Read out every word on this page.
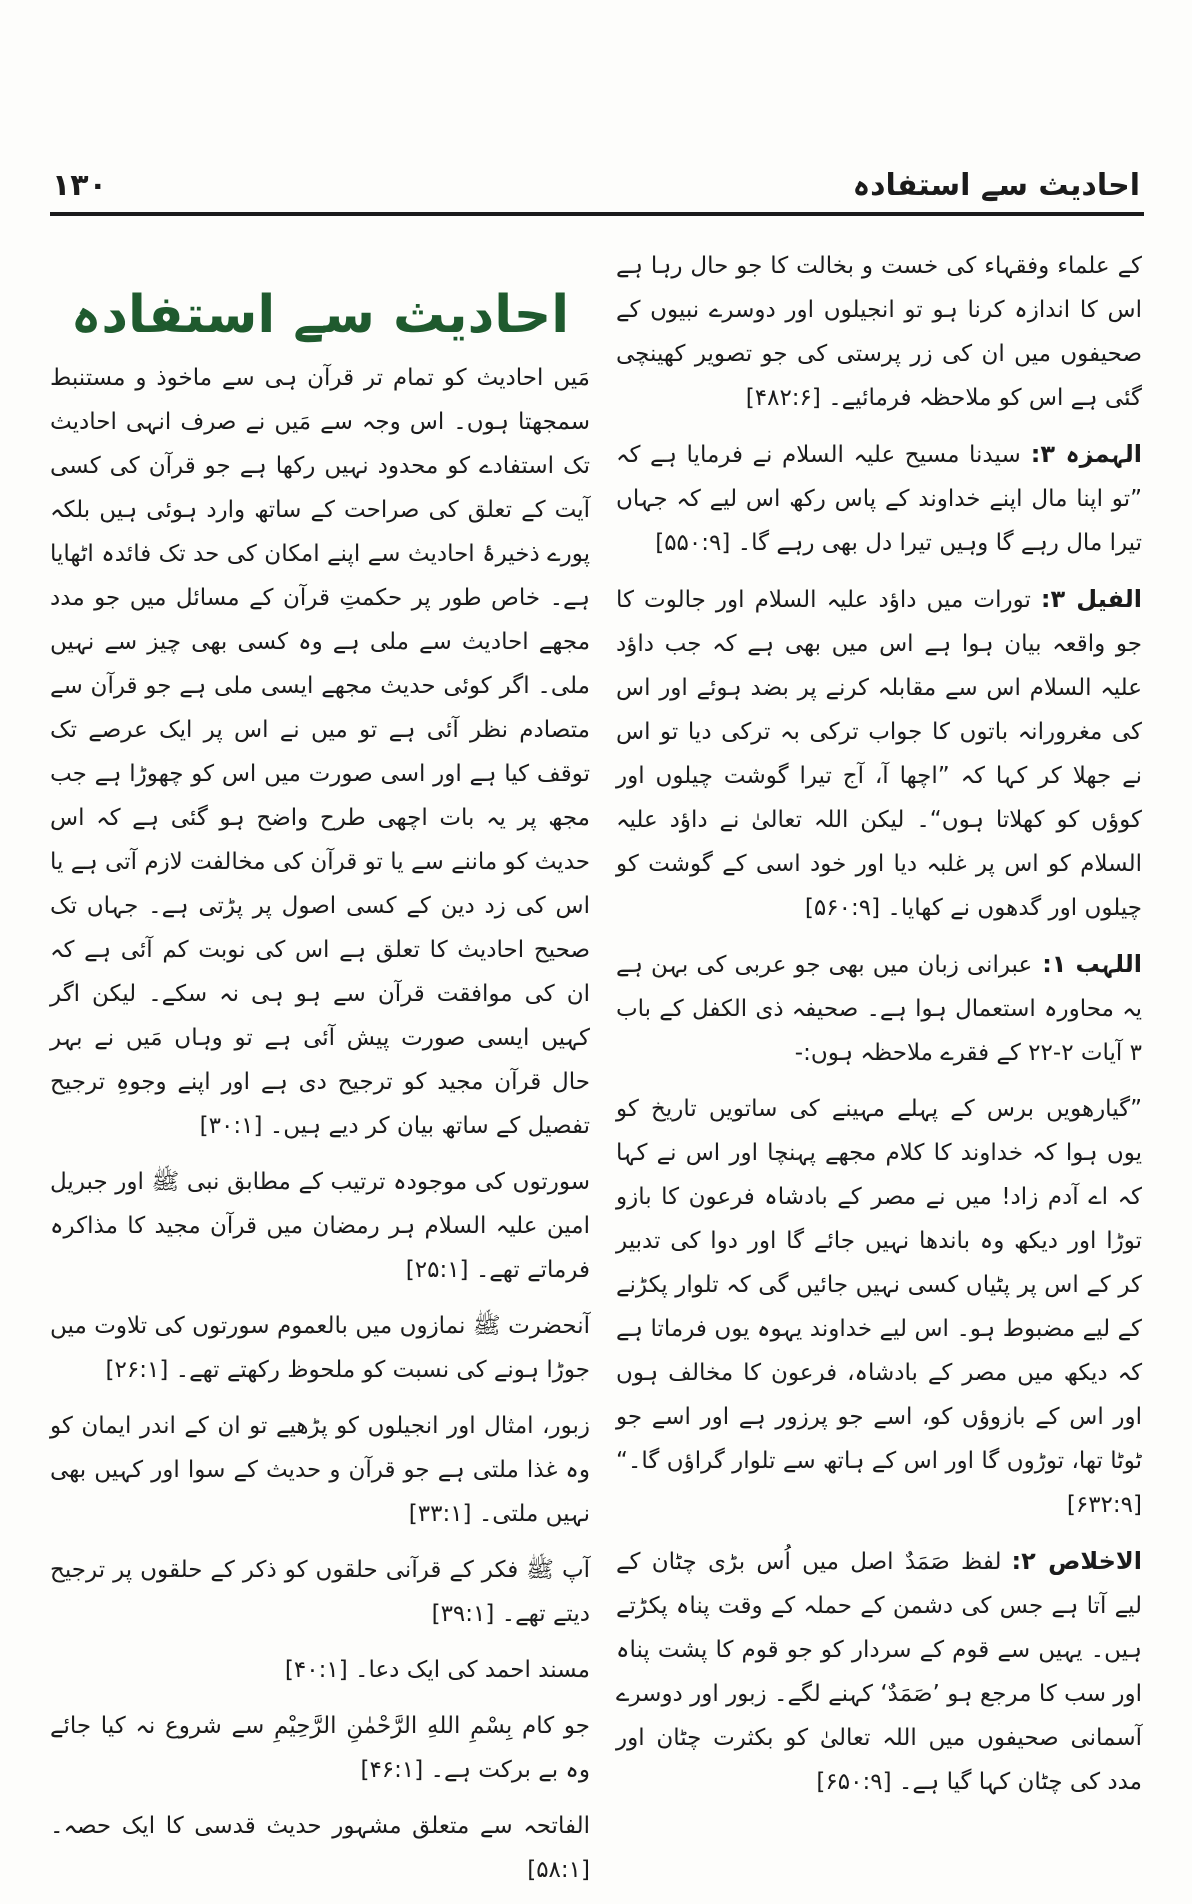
احادیث سے استفادہ
۱۳۰
احادیث سے استفادہ

مَیں احادیث کو تمام تر قرآن ہی سے ماخوذ و مستنبط سمجھتا ہوں۔ اس وجہ سے مَیں نے صرف انہی احادیث تک استفادے کو محدود نہیں رکھا ہے جو قرآن کی کسی آیت کے تعلق کی صراحت کے ساتھ وارد ہوئی ہیں بلکہ پورے ذخیرۂ احادیث سے اپنے امکان کی حد تک فائدہ اٹھایا ہے۔ خاص طور پر حکمتِ قرآن کے مسائل میں جو مدد مجھے احادیث سے ملی ہے وہ کسی بھی چیز سے نہیں ملی۔ اگر کوئی حدیث مجھے ایسی ملی ہے جو قرآن سے متصادم نظر آئی ہے تو میں نے اس پر ایک عرصے تک توقف کیا ہے اور اسی صورت میں اس کو چھوڑا ہے جب مجھ پر یہ بات اچھی طرح واضح ہو گئی ہے کہ اس حدیث کو ماننے سے یا تو قرآن کی مخالفت لازم آتی ہے یا اس کی زد دین کے کسی اصول پر پڑتی ہے۔ جہاں تک صحیح احادیث کا تعلق ہے اس کی نوبت کم آئی ہے کہ ان کی موافقت قرآن سے ہو ہی نہ سکے۔ لیکن اگر کہیں ایسی صورت پیش آئی ہے تو وہاں مَیں نے بہر حال قرآن مجید کو ترجیح دی ہے اور اپنے وجوہِ ترجیح تفصیل کے ساتھ بیان کر دیے ہیں۔ [۳۰:۱]

سورتوں کی موجودہ ترتیب کے مطابق نبی ﷺ اور جبریل امین علیہ السلام ہر رمضان میں قرآن مجید کا مذاکرہ فرماتے تھے۔ [۲۵:۱]

آنحضرت ﷺ نمازوں میں بالعموم سورتوں کی تلاوت میں جوڑا ہونے کی نسبت کو ملحوظ رکھتے تھے۔ [۲۶:۱]

زبور، امثال اور انجیلوں کو پڑھیے تو ان کے اندر ایمان کو وہ غذا ملتی ہے جو قرآن و حدیث کے سوا اور کہیں بھی نہیں ملتی۔ [۳۳:۱]

آپ ﷺ فکر کے قرآنی حلقوں کو ذکر کے حلقوں پر ترجیح دیتے تھے۔ [۳۹:۱]

مسند احمد کی ایک دعا۔ [۴۰:۱]

جو کام بِسْمِ اللهِ الرَّحْمٰنِ الرَّحِيْمِ سے شروع نہ کیا جائے وہ بے برکت ہے۔ [۴۶:۱]

الفاتحہ سے متعلق مشہور حدیث قدسی کا ایک حصہ۔ [۵۸:۱]

کے علماء وفقہاء کی خست و بخالت کا جو حال رہا ہے اس کا اندازہ کرنا ہو تو انجیلوں اور دوسرے نبیوں کے صحیفوں میں ان کی زر پرستی کی جو تصویر کھینچی گئی ہے اس کو ملاحظہ فرمائیے۔ [۴۸۲:۶]

الہمزہ ۳:سیدنا مسیح علیہ السلام نے فرمایا ہے کہ ”تو اپنا مال اپنے خداوند کے پاس رکھ اس لیے کہ جہاں تیرا مال رہے گا وہیں تیرا دل بھی رہے گا۔ [۵۵۰:۹]

الفیل ۳:تورات میں داؤد علیہ السلام اور جالوت کا جو واقعہ بیان ہوا ہے اس میں بھی ہے کہ جب داؤد علیہ السلام اس سے مقابلہ کرنے پر بضد ہوئے اور اس کی مغرورانہ باتوں کا جواب ترکی بہ ترکی دیا تو اس نے جھلا کر کہا کہ ”اچھا آ، آج تیرا گوشت چیلوں اور کوؤں کو کھلاتا ہوں“۔ لیکن اللہ تعالیٰ نے داؤد علیہ السلام کو اس پر غلبہ دیا اور خود اسی کے گوشت کو چیلوں اور گدھوں نے کھایا۔ [۵۶۰:۹]

اللہب ۱:عبرانی زبان میں بھی جو عربی کی بہن ہے یہ محاورہ استعمال ہوا ہے۔ صحیفہ ذی الکفل کے باب ۳ آیات ۲-۲۲ کے فقرے ملاحظہ ہوں:-

”گیارھویں برس کے پہلے مہینے کی ساتویں تاریخ کو یوں ہوا کہ خداوند کا کلام مجھے پہنچا اور اس نے کہا کہ اے آدم زاد! میں نے مصر کے بادشاہ فرعون کا بازو توڑا اور دیکھ وہ باندھا نہیں جائے گا اور دوا کی تدبیر کر کے اس پر پٹیاں کسی نہیں جائیں گی کہ تلوار پکڑنے کے لیے مضبوط ہو۔ اس لیے خداوند یہوہ یوں فرماتا ہے کہ دیکھ میں مصر کے بادشاہ، فرعون کا مخالف ہوں اور اس کے بازوؤں کو، اسے جو پرزور ہے اور اسے جو ٹوٹا تھا، توڑوں گا اور اس کے ہاتھ سے تلوار گراؤں گا۔“ [۶۳۲:۹]

الاخلاص ۲:لفظ صَمَدٌ اصل میں اُس بڑی چٹان کے لیے آتا ہے جس کی دشمن کے حملہ کے وقت پناہ پکڑتے ہیں۔ یہیں سے قوم کے سردار کو جو قوم کا پشت پناہ اور سب کا مرجع ہو ’صَمَدٌ‘ کہنے لگے۔ زبور اور دوسرے آسمانی صحیفوں میں اللہ تعالیٰ کو بکثرت چٹان اور مدد کی چٹان کہا گیا ہے۔ [۶۵۰:۹]
